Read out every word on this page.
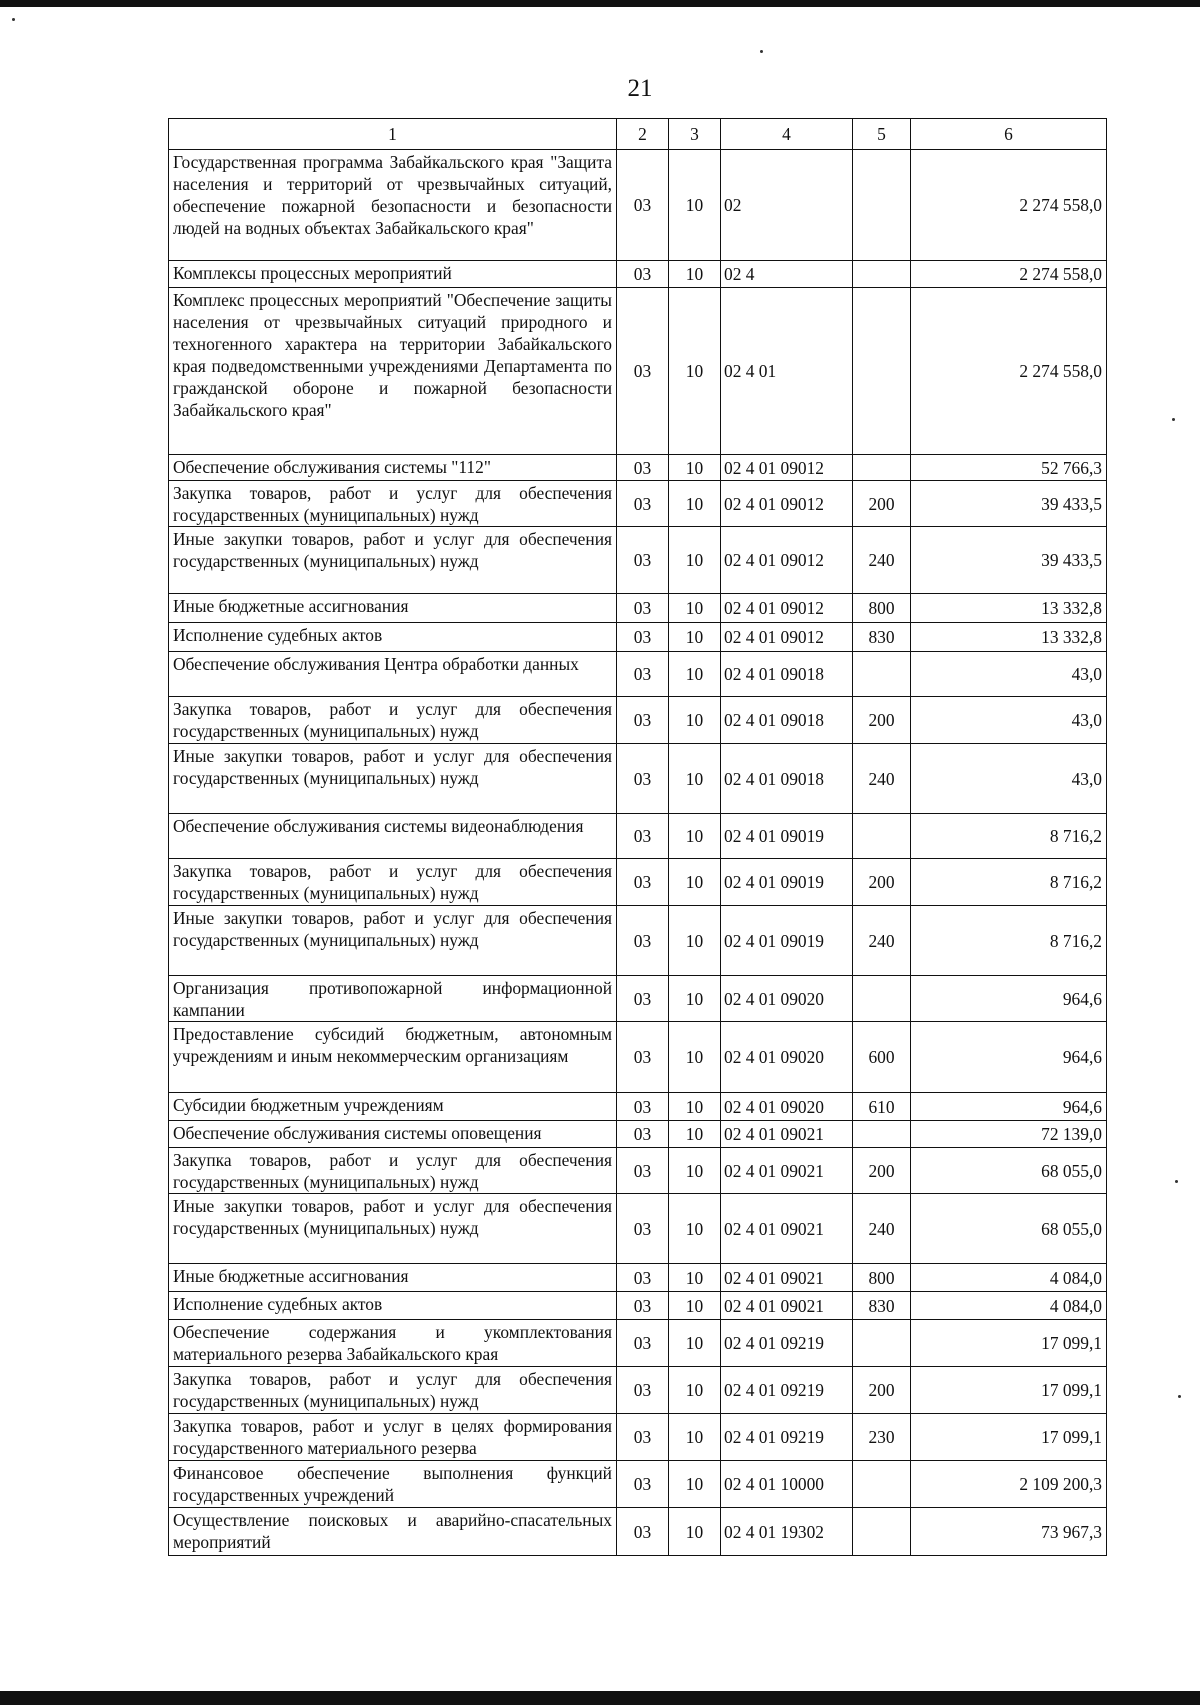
21
1	2	3	4	5	6
Государственная программа Забайкальского края "Защита населения и территорий от чрезвычайных ситуаций, обеспечение пожарной безопасности и безопасности людей на водных объектах Забайкальского края"	03	10	02		2 274 558,0
Комплексы процессных мероприятий	03	10	02 4		2 274 558,0
Комплекс процессных мероприятий "Обеспечение защиты населения от чрезвычайных ситуаций природного и техногенного характера на территории Забайкальского края подведомственными учреждениями Департамента по гражданской обороне и пожарной безопасности Забайкальского края"	03	10	02 4 01		2 274 558,0
Обеспечение обслуживания системы "112"	03	10	02 4 01 09012		52 766,3
Закупка товаров, работ и услуг для обеспечения государственных (муниципальных) нужд	03	10	02 4 01 09012	200	39 433,5
Иные закупки товаров, работ и услуг для обеспечения государственных (муниципальных) нужд	03	10	02 4 01 09012	240	39 433,5
Иные бюджетные ассигнования	03	10	02 4 01 09012	800	13 332,8
Исполнение судебных актов	03	10	02 4 01 09012	830	13 332,8
Обеспечение обслуживания Центра обработки данных	03	10	02 4 01 09018		43,0
Закупка товаров, работ и услуг для обеспечения государственных (муниципальных) нужд	03	10	02 4 01 09018	200	43,0
Иные закупки товаров, работ и услуг для обеспечения государственных (муниципальных) нужд	03	10	02 4 01 09018	240	43,0
Обеспечение обслуживания системы видеонаблюдения	03	10	02 4 01 09019		8 716,2
Закупка товаров, работ и услуг для обеспечения государственных (муниципальных) нужд	03	10	02 4 01 09019	200	8 716,2
Иные закупки товаров, работ и услуг для обеспечения государственных (муниципальных) нужд	03	10	02 4 01 09019	240	8 716,2
Организация противопожарной информационной кампании	03	10	02 4 01 09020		964,6
Предоставление субсидий бюджетным, автономным учреждениям и иным некоммерческим организациям	03	10	02 4 01 09020	600	964,6
Субсидии бюджетным учреждениям	03	10	02 4 01 09020	610	964,6
Обеспечение обслуживания системы оповещения	03	10	02 4 01 09021		72 139,0
Закупка товаров, работ и услуг для обеспечения государственных (муниципальных) нужд	03	10	02 4 01 09021	200	68 055,0
Иные закупки товаров, работ и услуг для обеспечения государственных (муниципальных) нужд	03	10	02 4 01 09021	240	68 055,0
Иные бюджетные ассигнования	03	10	02 4 01 09021	800	4 084,0
Исполнение судебных актов	03	10	02 4 01 09021	830	4 084,0
Обеспечение содержания и укомплектования материального резерва Забайкальского края	03	10	02 4 01 09219		17 099,1
Закупка товаров, работ и услуг для обеспечения государственных (муниципальных) нужд	03	10	02 4 01 09219	200	17 099,1
Закупка товаров, работ и услуг в целях формирования государственного материального резерва	03	10	02 4 01 09219	230	17 099,1
Финансовое обеспечение выполнения функций государственных учреждений	03	10	02 4 01 10000		2 109 200,3
Осуществление поисковых и аварийно-спасательных мероприятий	03	10	02 4 01 19302		73 967,3
